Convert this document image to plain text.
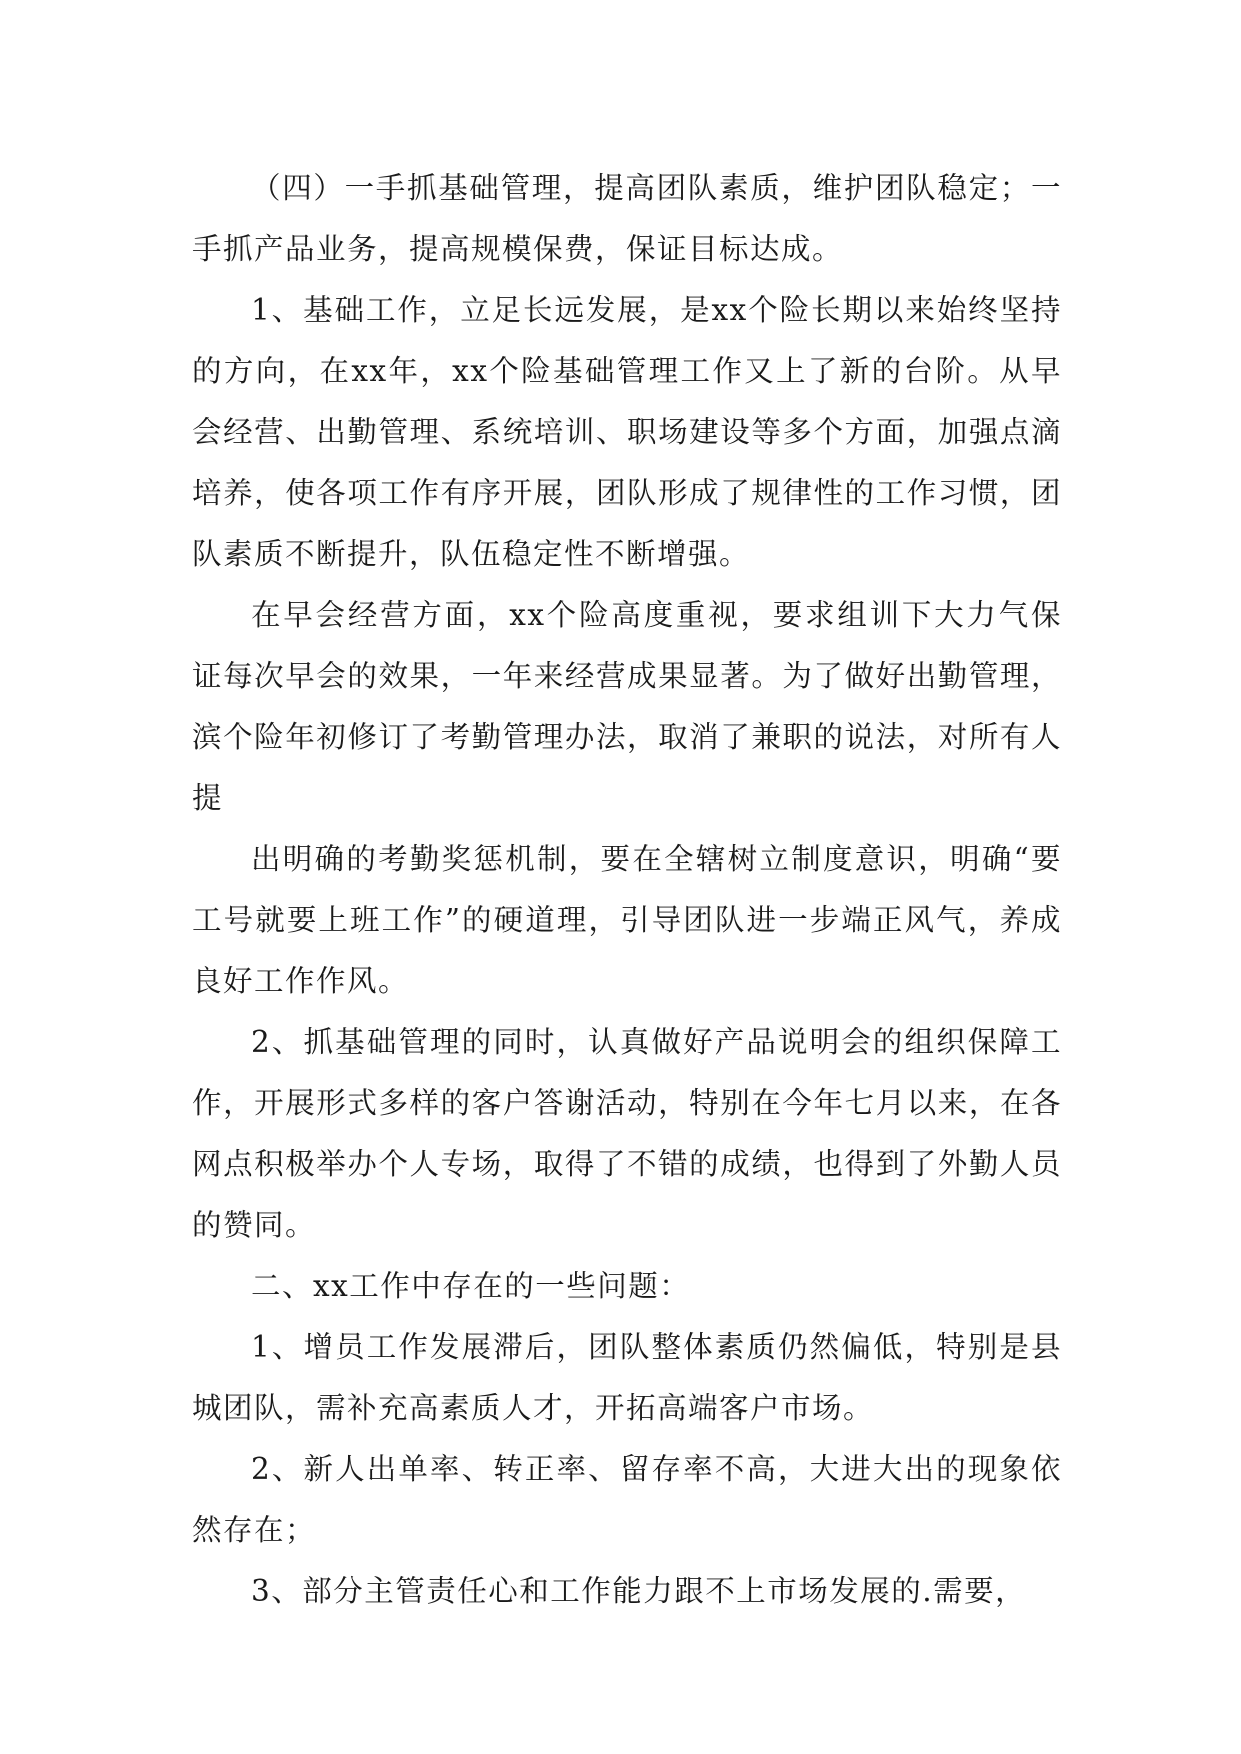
（四）一手抓基础管理，提高团队素质，维护团队稳定；一手抓产品业务，提高规模保费，保证目标达成。

1、基础工作，立足长远发展，是xx个险长期以来始终坚持的方向，在xx年，xx个险基础管理工作又上了新的台阶。从早会经营、出勤管理、系统培训、职场建设等多个方面，加强点滴培养，使各项工作有序开展，团队形成了规律性的工作习惯，团队素质不断提升，队伍稳定性不断增强。

在早会经营方面，xx个险高度重视，要求组训下大力气保证每次早会的效果，一年来经营成果显著。为了做好出勤管理，滨个险年初修订了考勤管理办法，取消了兼职的说法，对所有人提

出明确的考勤奖惩机制，要在全辖树立制度意识，明确“要工号就要上班工作”的硬道理，引导团队进一步端正风气，养成良好工作作风。

2、抓基础管理的同时，认真做好产品说明会的组织保障工作，开展形式多样的客户答谢活动，特别在今年七月以来，在各网点积极举办个人专场，取得了不错的成绩，也得到了外勤人员的赞同。

二、xx工作中存在的一些问题：

1、增员工作发展滞后，团队整体素质仍然偏低，特别是县城团队，需补充高素质人才，开拓高端客户市场。

2、新人出单率、转正率、留存率不高，大进大出的现象依然存在；

3、部分主管责任心和工作能力跟不上市场发展的.需要，
